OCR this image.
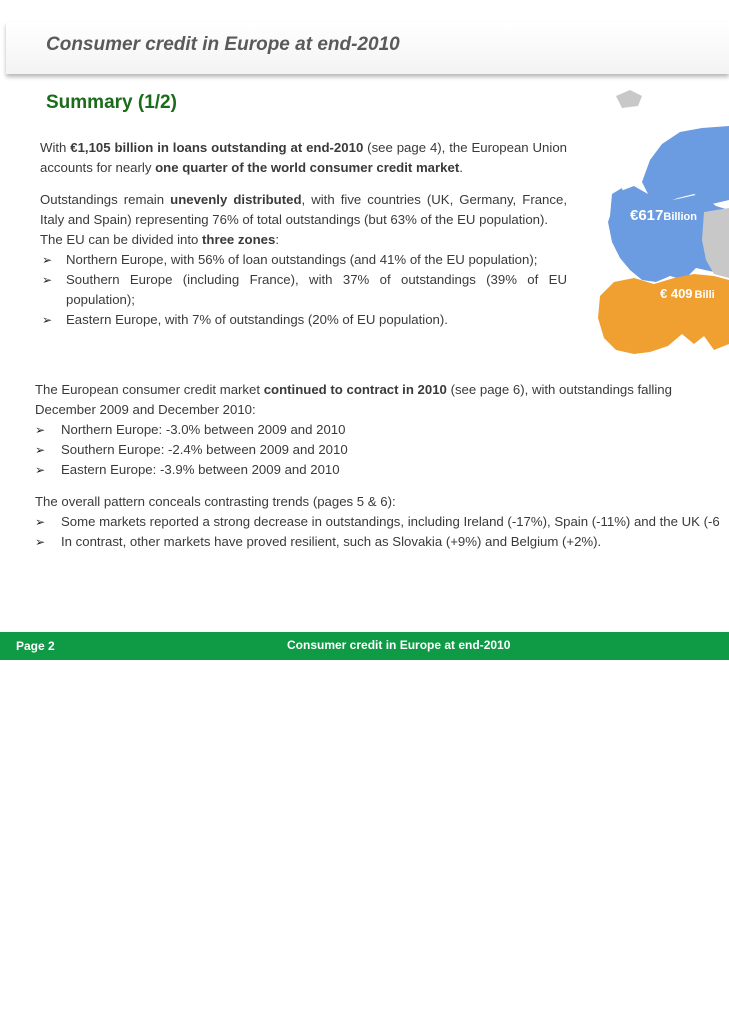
Consumer credit in Europe at end-2010
Summary (1/2)

With €1,105 billion in loans outstanding at end-2010 (see page 4), the European Union accounts for nearly one quarter of the world consumer credit market.

Outstandings remain unevenly distributed, with five countries (UK, Germany, France, Italy and Spain) representing 76% of total outstandings (but 63% of the EU population).

The EU can be divided into three zones:

➢ Northern Europe, with 56% of loan outstandings (and 41% of the EU population);
➢ Southern Europe (including France), with 37% of outstandings (39% of EU population);
➢ Eastern Europe, with 7% of outstandings (20% of EU population).
€617Billion
€ 409 Billi

The European consumer credit market continued to contract in 2010 (see page 6), with outstandings falling

December 2009 and December 2010:

➢ Northern Europe: -3.0% between 2009 and 2010
➢ Southern Europe: -2.4% between 2009 and 2010
➢ Eastern Europe: -3.9% between 2009 and 2010

The overall pattern conceals contrasting trends (pages 5 & 6):

➢ Some markets reported a strong decrease in outstandings, including Ireland (-17%), Spain (-11%) and the UK (-6
➢ In contrast, other markets have proved resilient, such as Slovakia (+9%) and Belgium (+2%).
Page 2	Consumer credit in Europe at end-2010
